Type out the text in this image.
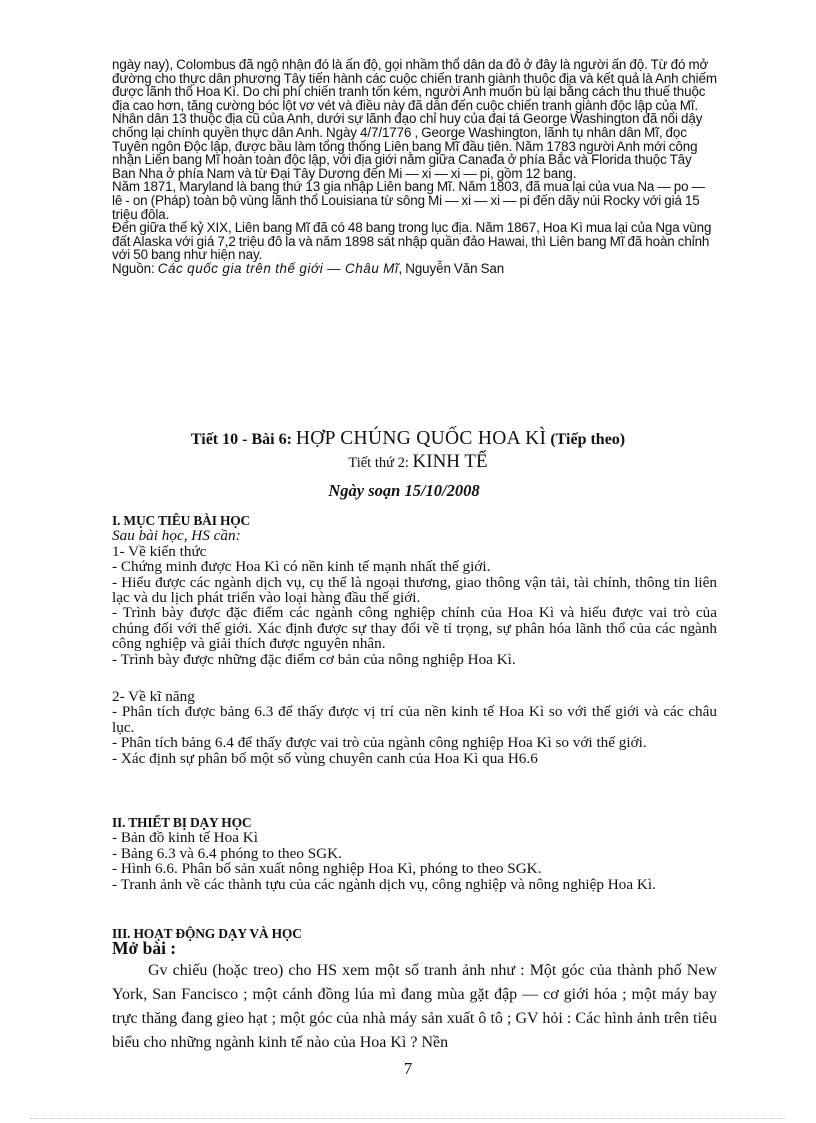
ngày nay), Colombus đã ngộ nhận đó là ấn độ, gọi nhầm thổ dân da đỏ ở đây là người ấn độ. Từ đó mở đường cho thực dân phương Tây tiến hành các cuộc chiến tranh giành thuộc địa và kết quả là Anh chiếm được lãnh thổ Hoa Kì. Do chi phí chiến tranh tốn kém, người Anh muốn bù lại bằng cách thu thuế thuộc địa cao hơn, tăng cường bóc lột vơ vét và điều này đã dẫn đến cuộc chiến tranh giành độc lập của Mĩ.

Nhân dân 13 thuộc địa cũ của Anh, dưới sự lãnh đạo chỉ huy của đại tá George Washington đã nổi dậy chống lại chính quyền thực dân Anh. Ngày 4/7/1776 , George Washington, lãnh tụ nhân dân Mĩ, đọc Tuyên ngôn Độc lập, được bầu làm tổng thống Liên bang Mĩ đầu tiên. Năm 1783 người Anh mới công nhận Liên bang Mĩ hoàn toàn độc lập, với địa giới nằm giữa Canađa ở phía Bắc và Florida thuộc Tây Ban Nha ở phía Nam và từ Đại Tây Dương đến Mi — xi — xi — pi, gồm 12 bang.

Năm 1871, Maryland là bang thứ 13 gia nhập Liên bang Mĩ. Năm 1803, đã mua lại của vua Na — po — lê - on (Pháp) toàn bộ vùng lãnh thổ Louisiana từ sông Mi — xi — xi — pi đến dãy núi Rocky với giá 15 triệu đôla.

Đến giữa thế kỷ XIX, Liên bang Mĩ đã có 48 bang trong lục địa. Năm 1867, Hoa Kì mua lại của Nga vùng đất Alaska với giá 7,2 triệu đô la và năm 1898 sát nhập quần đảo Hawai, thì Liên bang Mĩ đã hoàn chỉnh với 50 bang như hiện nay.

Nguồn: Các quốc gia trên thế giới — Châu Mĩ, Nguyễn Văn San

Tiết 10 - Bài 6: HỢP CHÚNG QUỐC HOA KÌ (Tiếp theo)
Tiết thứ 2: KINH TẾ
Ngày soạn 15/10/2008

I. MỤC TIÊU BÀI HỌC

Sau bài học, HS cần:

1- Về kiến thức

- Chứng minh được Hoa Kì có nền kinh tế mạnh nhất thế giới.

- Hiểu được các ngành dịch vụ, cụ thể là ngoại thương, giao thông vận tải, tài chính, thông tin liên lạc và du lịch phát triển vào loại hàng đầu thế giới.

- Trình bày được đặc điểm các ngành công nghiệp chính của Hoa Kì và hiểu được vai trò của chúng đối với thế giới. Xác định được sự thay đổi về tỉ trọng, sự phân hóa lãnh thổ của các ngành công nghiệp và giải thích được nguyên nhân.

- Trình bày được những đặc điểm cơ bản của nông nghiệp Hoa Kì.

2- Về kĩ năng

- Phân tích được bảng 6.3 để thấy được vị trí của nền kinh tế Hoa Kì so với thế giới và các châu lục.

- Phân tích bảng 6.4 để thấy được vai trò của ngành công nghiệp Hoa Kì so với thế giới.

- Xác định sự phân bố một số vùng chuyên canh của Hoa Kì qua H6.6

II. THIẾT BỊ DẠY HỌC

- Bản đồ kinh tế Hoa Kì

- Bảng 6.3 và 6.4 phóng to theo SGK.

- Hình 6.6. Phân bố sản xuất nông nghiệp Hoa Kì, phóng to theo SGK.

- Tranh ảnh về các thành tựu của các ngành dịch vụ, công nghiệp và nông nghiệp Hoa Kì.

III. HOẠT ĐỘNG DẠY VÀ HỌC

Mở bài :

Gv chiếu (hoặc treo) cho HS xem một số tranh ảnh như : Một góc của thành phố New York, San Fancisco ; một cánh đồng lúa mì đang mùa gặt đập — cơ giới hóa ; một máy bay trực thăng đang gieo hạt ; một góc của nhà máy sản xuất ô tô ; GV hỏi : Các hình ảnh trên tiêu biểu cho những ngành kinh tế nào của Hoa Kì ? Nền

7
